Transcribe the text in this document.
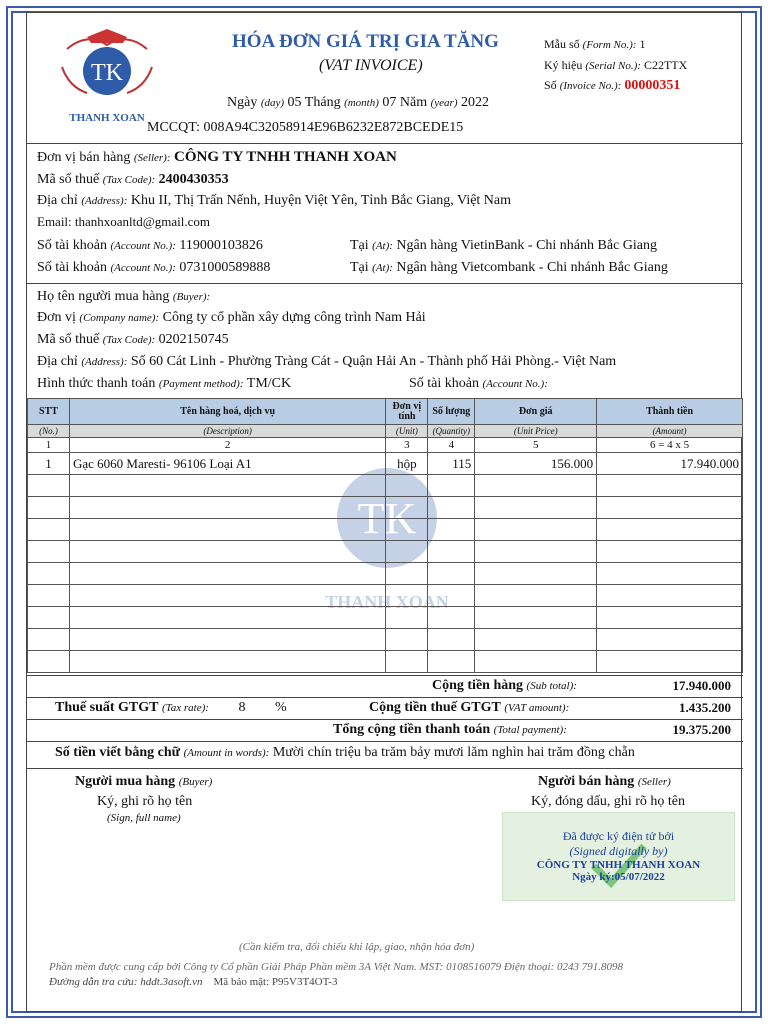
TK
THANH XOAN
HÓA ĐƠN GIÁ TRỊ GIA TĂNG
(VAT INVOICE)
Ngày (day) 05 Tháng (month) 07 Năm (year) 2022
MCCQT: 008A94C32058914E96B6232E872BCEDE15
Mẫu số (Form No.): 1
Ký hiệu (Serial No.): C22TTX
Số (Invoice No.): 00000351
Đơn vị bán hàng (Seller): CÔNG TY TNHH THANH XOAN
Mã số thuế (Tax Code): 2400430353
Địa chỉ (Address): Khu II, Thị Trấn Nếnh, Huyện Việt Yên, Tỉnh Bắc Giang, Việt Nam
Email: thanhxoanltd@gmail.com
Số tài khoản (Account No.): 119000103826	Tại (At): Ngân hàng VietinBank - Chi nhánh Bắc Giang
Số tài khoản (Account No.): 0731000589888	Tại (At): Ngân hàng Vietcombank - Chi nhánh Bắc Giang
Họ tên người mua hàng (Buyer):
Đơn vị (Company name): Công ty cổ phần xây dựng công trình Nam Hải
Mã số thuế (Tax Code): 0202150745
Địa chỉ (Address): Số 60 Cát Linh - Phường Tràng Cát - Quận Hải An - Thành phố Hải Phòng.- Việt Nam
Hình thức thanh toán (Payment method): TM/CK	Số tài khoản (Account No.):
TK
THANH XOAN
STT	Tên hàng hoá, dịch vụ	Đơn vị tính	Số lượng	Đơn giá	Thành tiền
(No.)	(Description)	(Unit)	(Quantity)	(Unit Price)	(Amount)
1	2	3	4	5	6 = 4 x 5
1	Gạc 6060 Maresti- 96106 Loại A1	hộp	115	156.000	17.940.000

Cộng tiền hàng (Sub total):	17.940.000
Thuế suất GTGT (Tax rate): 8 %	Cộng tiền thuế GTGT (VAT amount):	1.435.200
Tổng cộng tiền thanh toán (Total payment):	19.375.200
Số tiền viết bằng chữ (Amount in words): Mười chín triệu ba trăm bảy mươi lăm nghìn hai trăm đồng chẵn
Người mua hàng (Buyer)
Ký, ghi rõ họ tên
(Sign, full name)
Người bán hàng (Seller)
Ký, đóng dấu, ghi rõ họ tên
Đã được ký điện tử bởi
(Signed digitally by)
CÔNG TY TNHH THANH XOAN
Ngày ký:05/07/2022
(Cần kiểm tra, đối chiếu khi lập, giao, nhận hóa đơn)
Phần mềm được cung cấp bởi Công ty Cổ phần Giải Pháp Phần mềm 3A Việt Nam. MST: 0108516079 Điện thoại: 0243 791.8098
Đường dẫn tra cứu: hddt.3asoft.vn Mã bảo mật: P95V3T4OT-3
